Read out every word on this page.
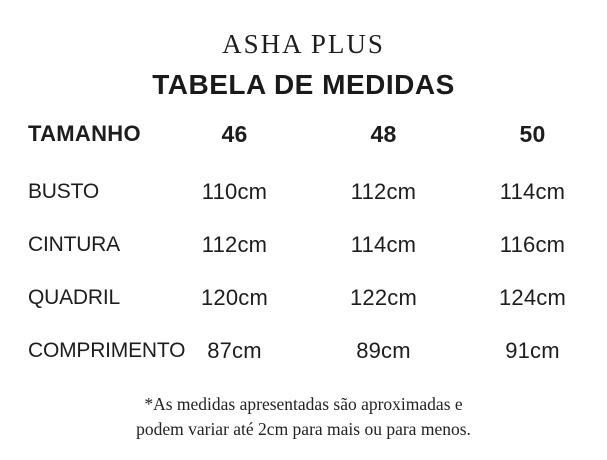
ASHA PLUS
TABELA DE MEDIDAS
TAMANHO	46	48	50
BUSTO	110cm	112cm	114cm
CINTURA	112cm	114cm	116cm
QUADRIL	120cm	122cm	124cm
COMPRIMENTO 87cm	89cm	91cm
*As medidas apresentadas são aproximadas e
podem variar até 2cm para mais ou para menos.
